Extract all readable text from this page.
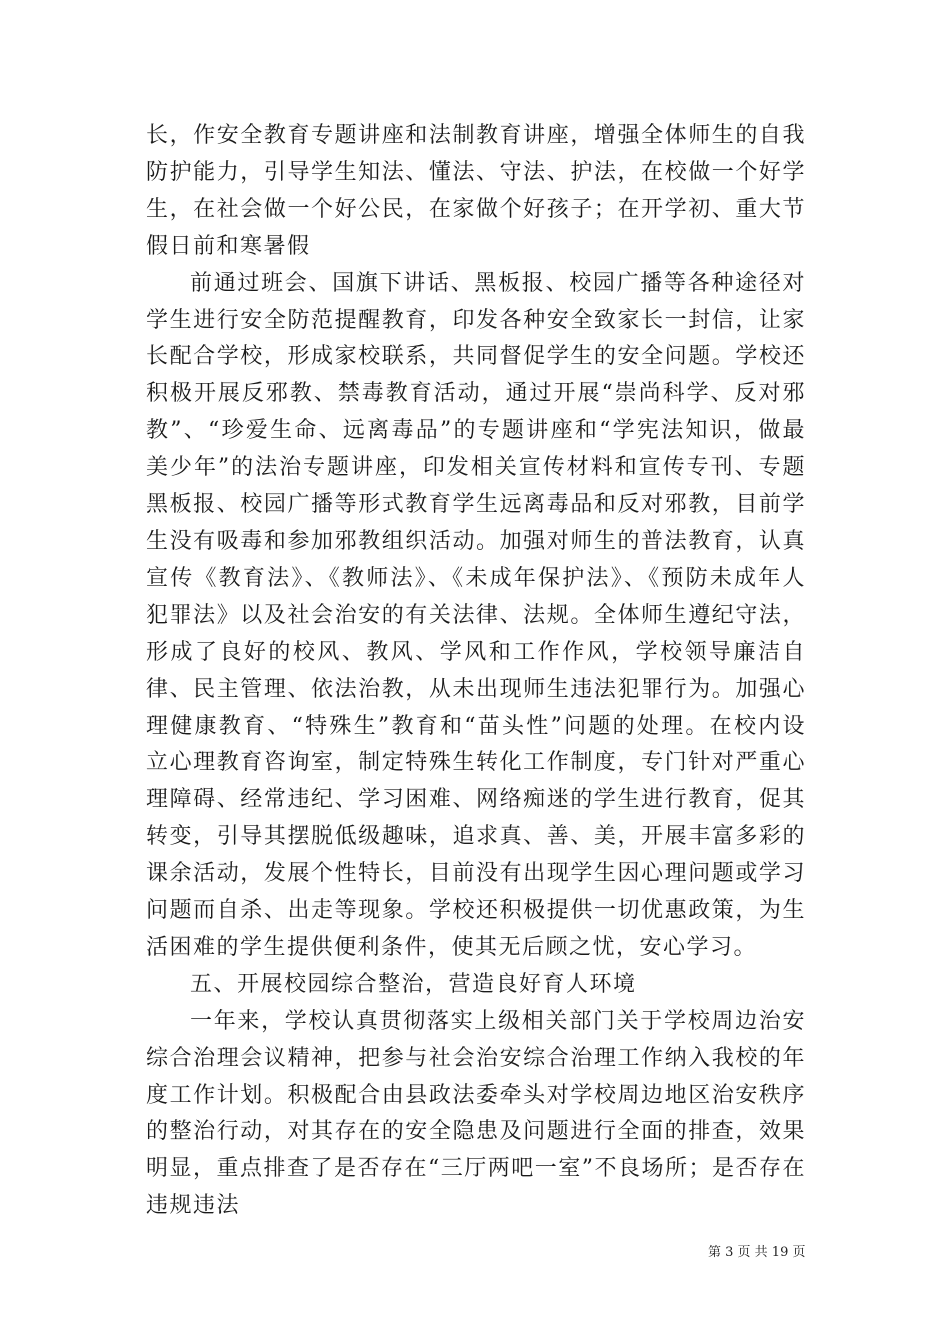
长，作安全教育专题讲座和法制教育讲座，增强全体师生的自我防护能力，引导学生知法、懂法、守法、护法，在校做一个好学生，在社会做一个好公民，在家做个好孩子；在开学初、重大节假日前和寒暑假

前通过班会、国旗下讲话、黑板报、校园广播等各种途径对学生进行安全防范提醒教育，印发各种安全致家长一封信，让家长配合学校，形成家校联系，共同督促学生的安全问题。学校还积极开展反邪教、禁毒教育活动，通过开展“崇尚科学、反对邪教”、“珍爱生命、远离毒品”的专题讲座和“学宪法知识，做最美少年”的法治专题讲座，印发相关宣传材料和宣传专刊、专题黑板报、校园广播等形式教育学生远离毒品和反对邪教，目前学生没有吸毒和参加邪教组织活动。加强对师生的普法教育，认真宣传《教育法》、《教师法》、《未成年保护法》、《预防未成年人犯罪法》以及社会治安的有关法律、法规。全体师生遵纪守法，形成了良好的校风、教风、学风和工作作风，学校领导廉洁自律、民主管理、依法治教，从未出现师生违法犯罪行为。加强心理健康教育、“特殊生”教育和“苗头性”问题的处理。在校内设立心理教育咨询室，制定特殊生转化工作制度，专门针对严重心理障碍、经常违纪、学习困难、网络痴迷的学生进行教育，促其转变，引导其摆脱低级趣味，追求真、善、美，开展丰富多彩的课余活动，发展个性特长，目前没有出现学生因心理问题或学习问题而自杀、出走等现象。学校还积极提供一切优惠政策，为生活困难的学生提供便利条件，使其无后顾之忧，安心学习。

五、开展校园综合整治，营造良好育人环境

一年来，学校认真贯彻落实上级相关部门关于学校周边治安综合治理会议精神，把参与社会治安综合治理工作纳入我校的年度工作计划。积极配合由县政法委牵头对学校周边地区治安秩序的整治行动，对其存在的安全隐患及问题进行全面的排查，效果明显，重点排查了是否存在“三厅两吧一室”不良场所；是否存在违规违法

第 3 页 共 19 页
